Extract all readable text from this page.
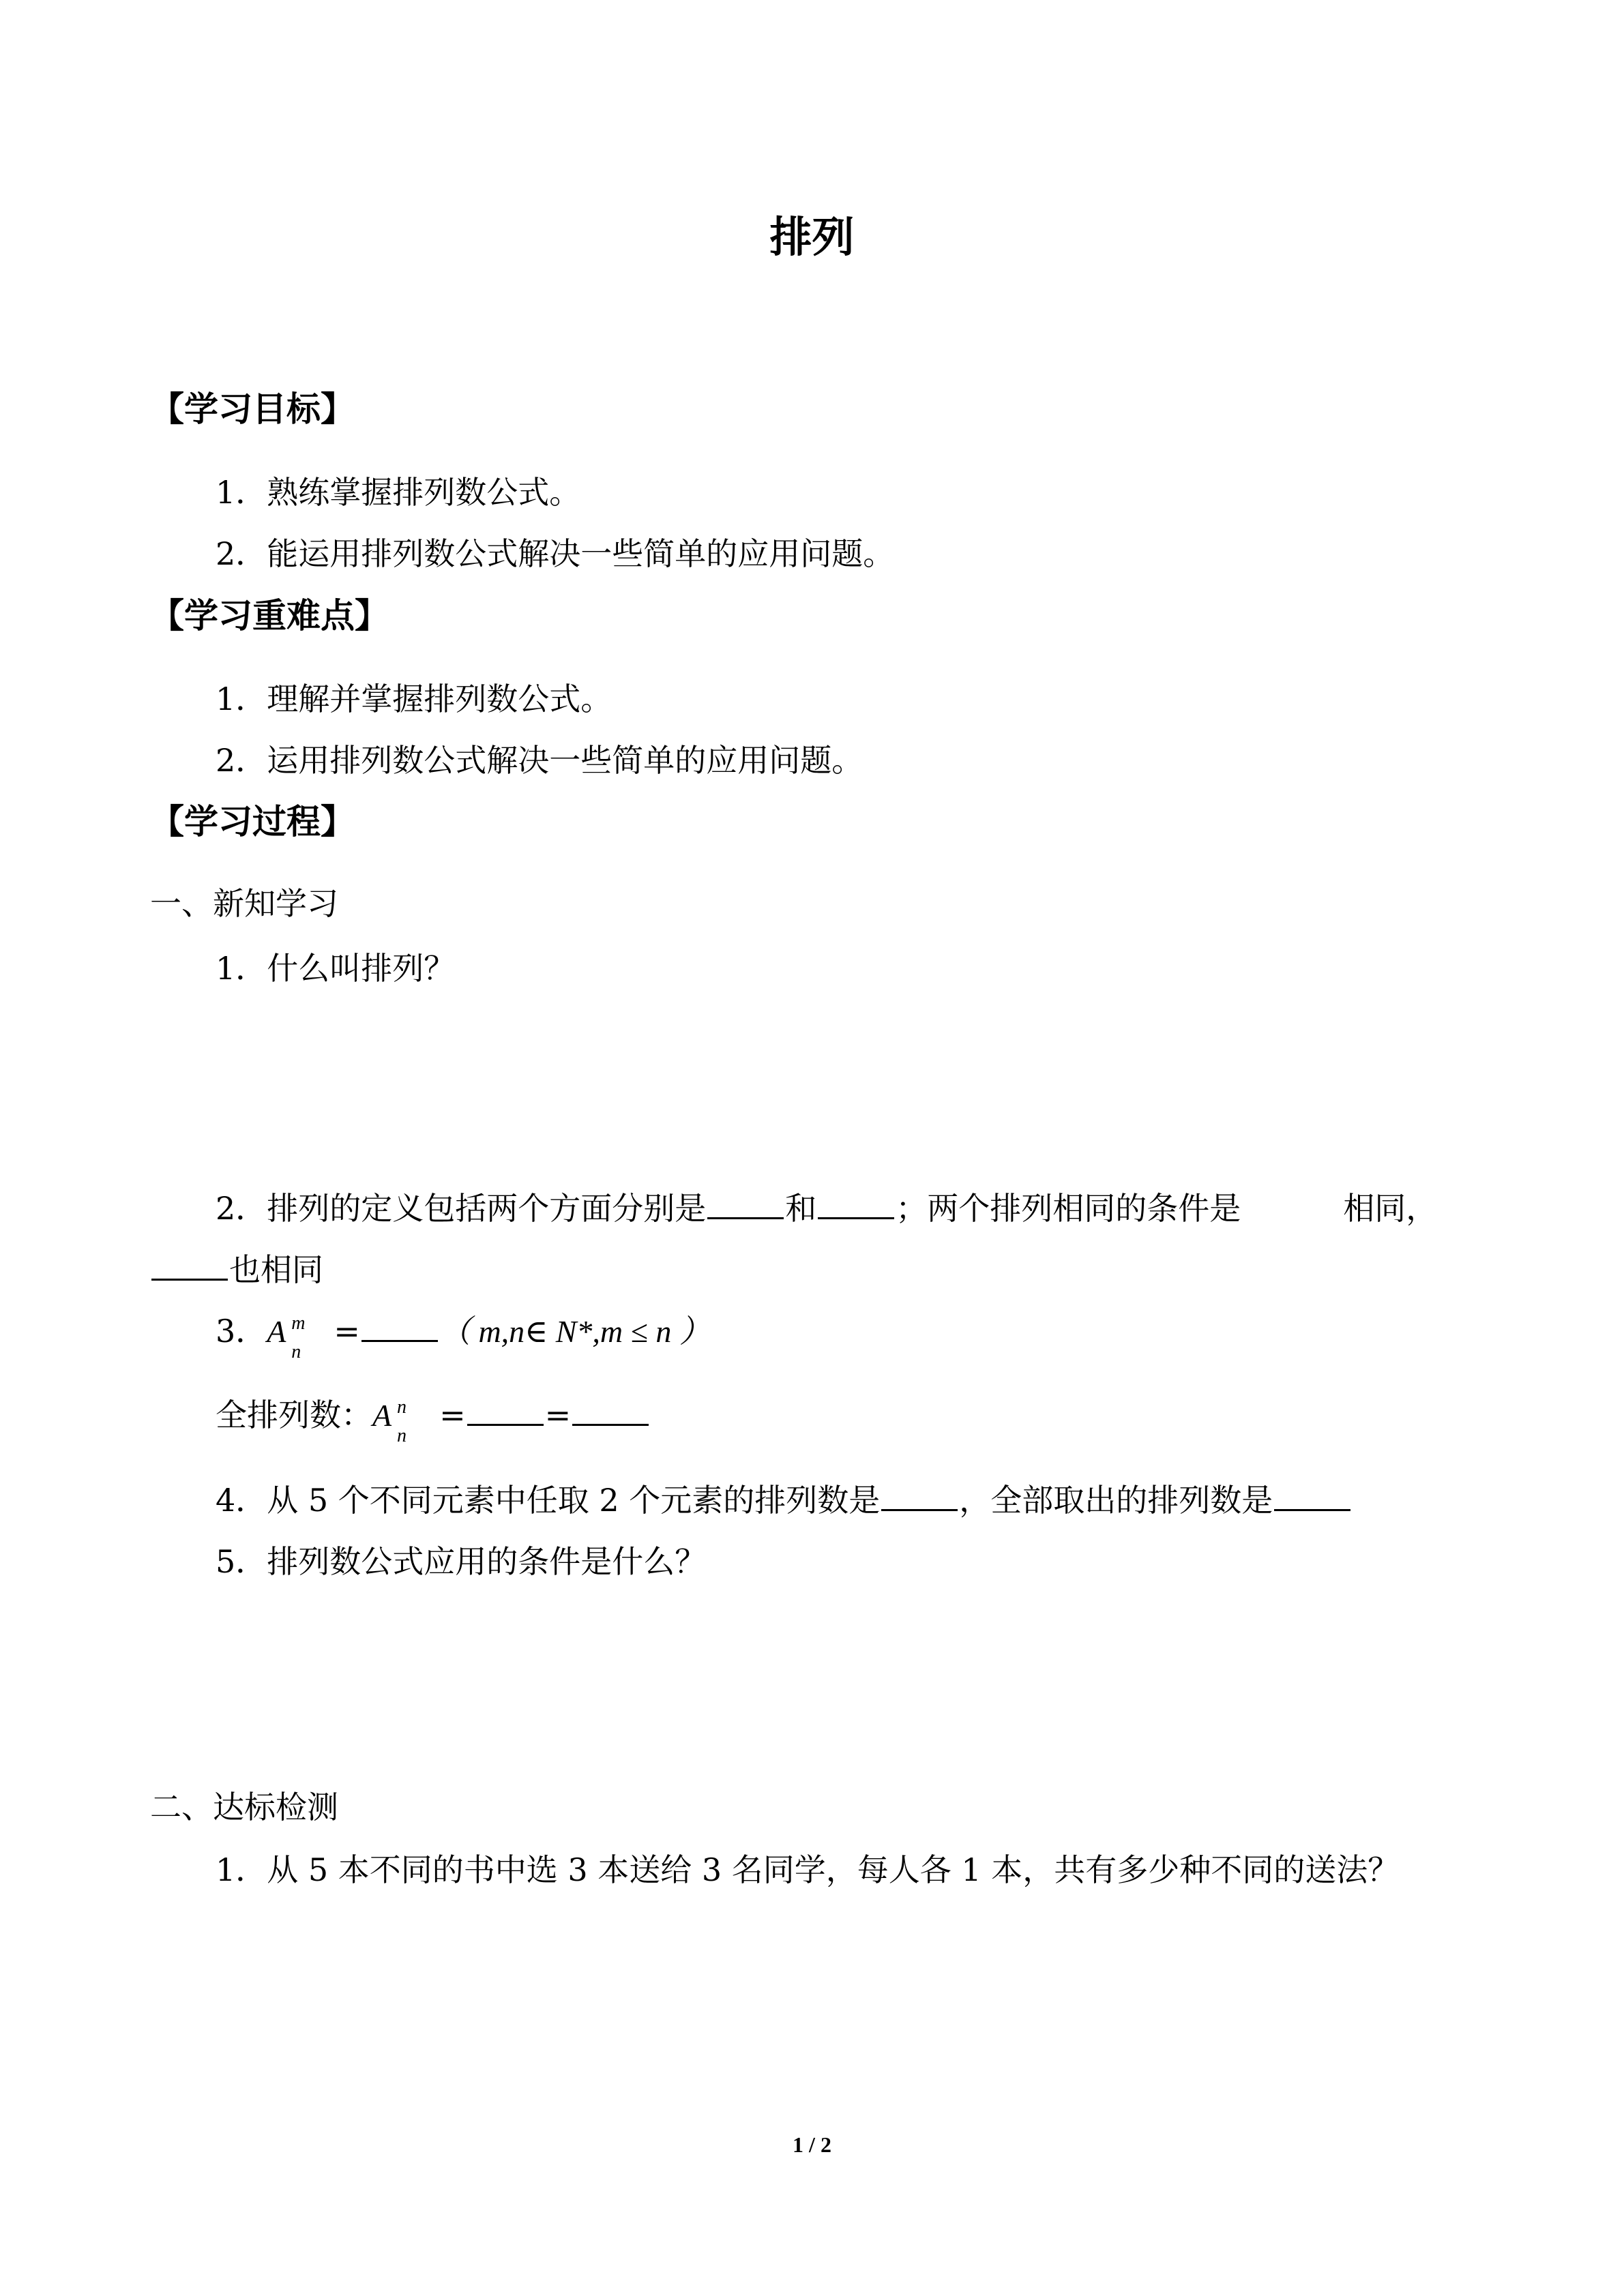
排列
【学习目标】
1．熟练掌握排列数公式。
2．能运用排列数公式解决一些简单的应用问题。
【学习重难点】
1．理解并掌握排列数公式。
2．运用排列数公式解决一些简单的应用问题。
【学习过程】
一、新知学习
1．什么叫排列？
2．排列的定义包括两个方面分别是	和	；两个排列相同的条件是	相同，
也相同
3．A m
n
=	（ m,n∈ N*,m ≤ n ）
全排列数：A n
n
=	=
4．从 5 个不同元素中任取 2 个元素的排列数是	，全部取出的排列数是
5．排列数公式应用的条件是什么？
二、达标检测
1．从 5 本不同的书中选 3 本送给 3 名同学，每人各 1 本，共有多少种不同的送法？
1 / 2
